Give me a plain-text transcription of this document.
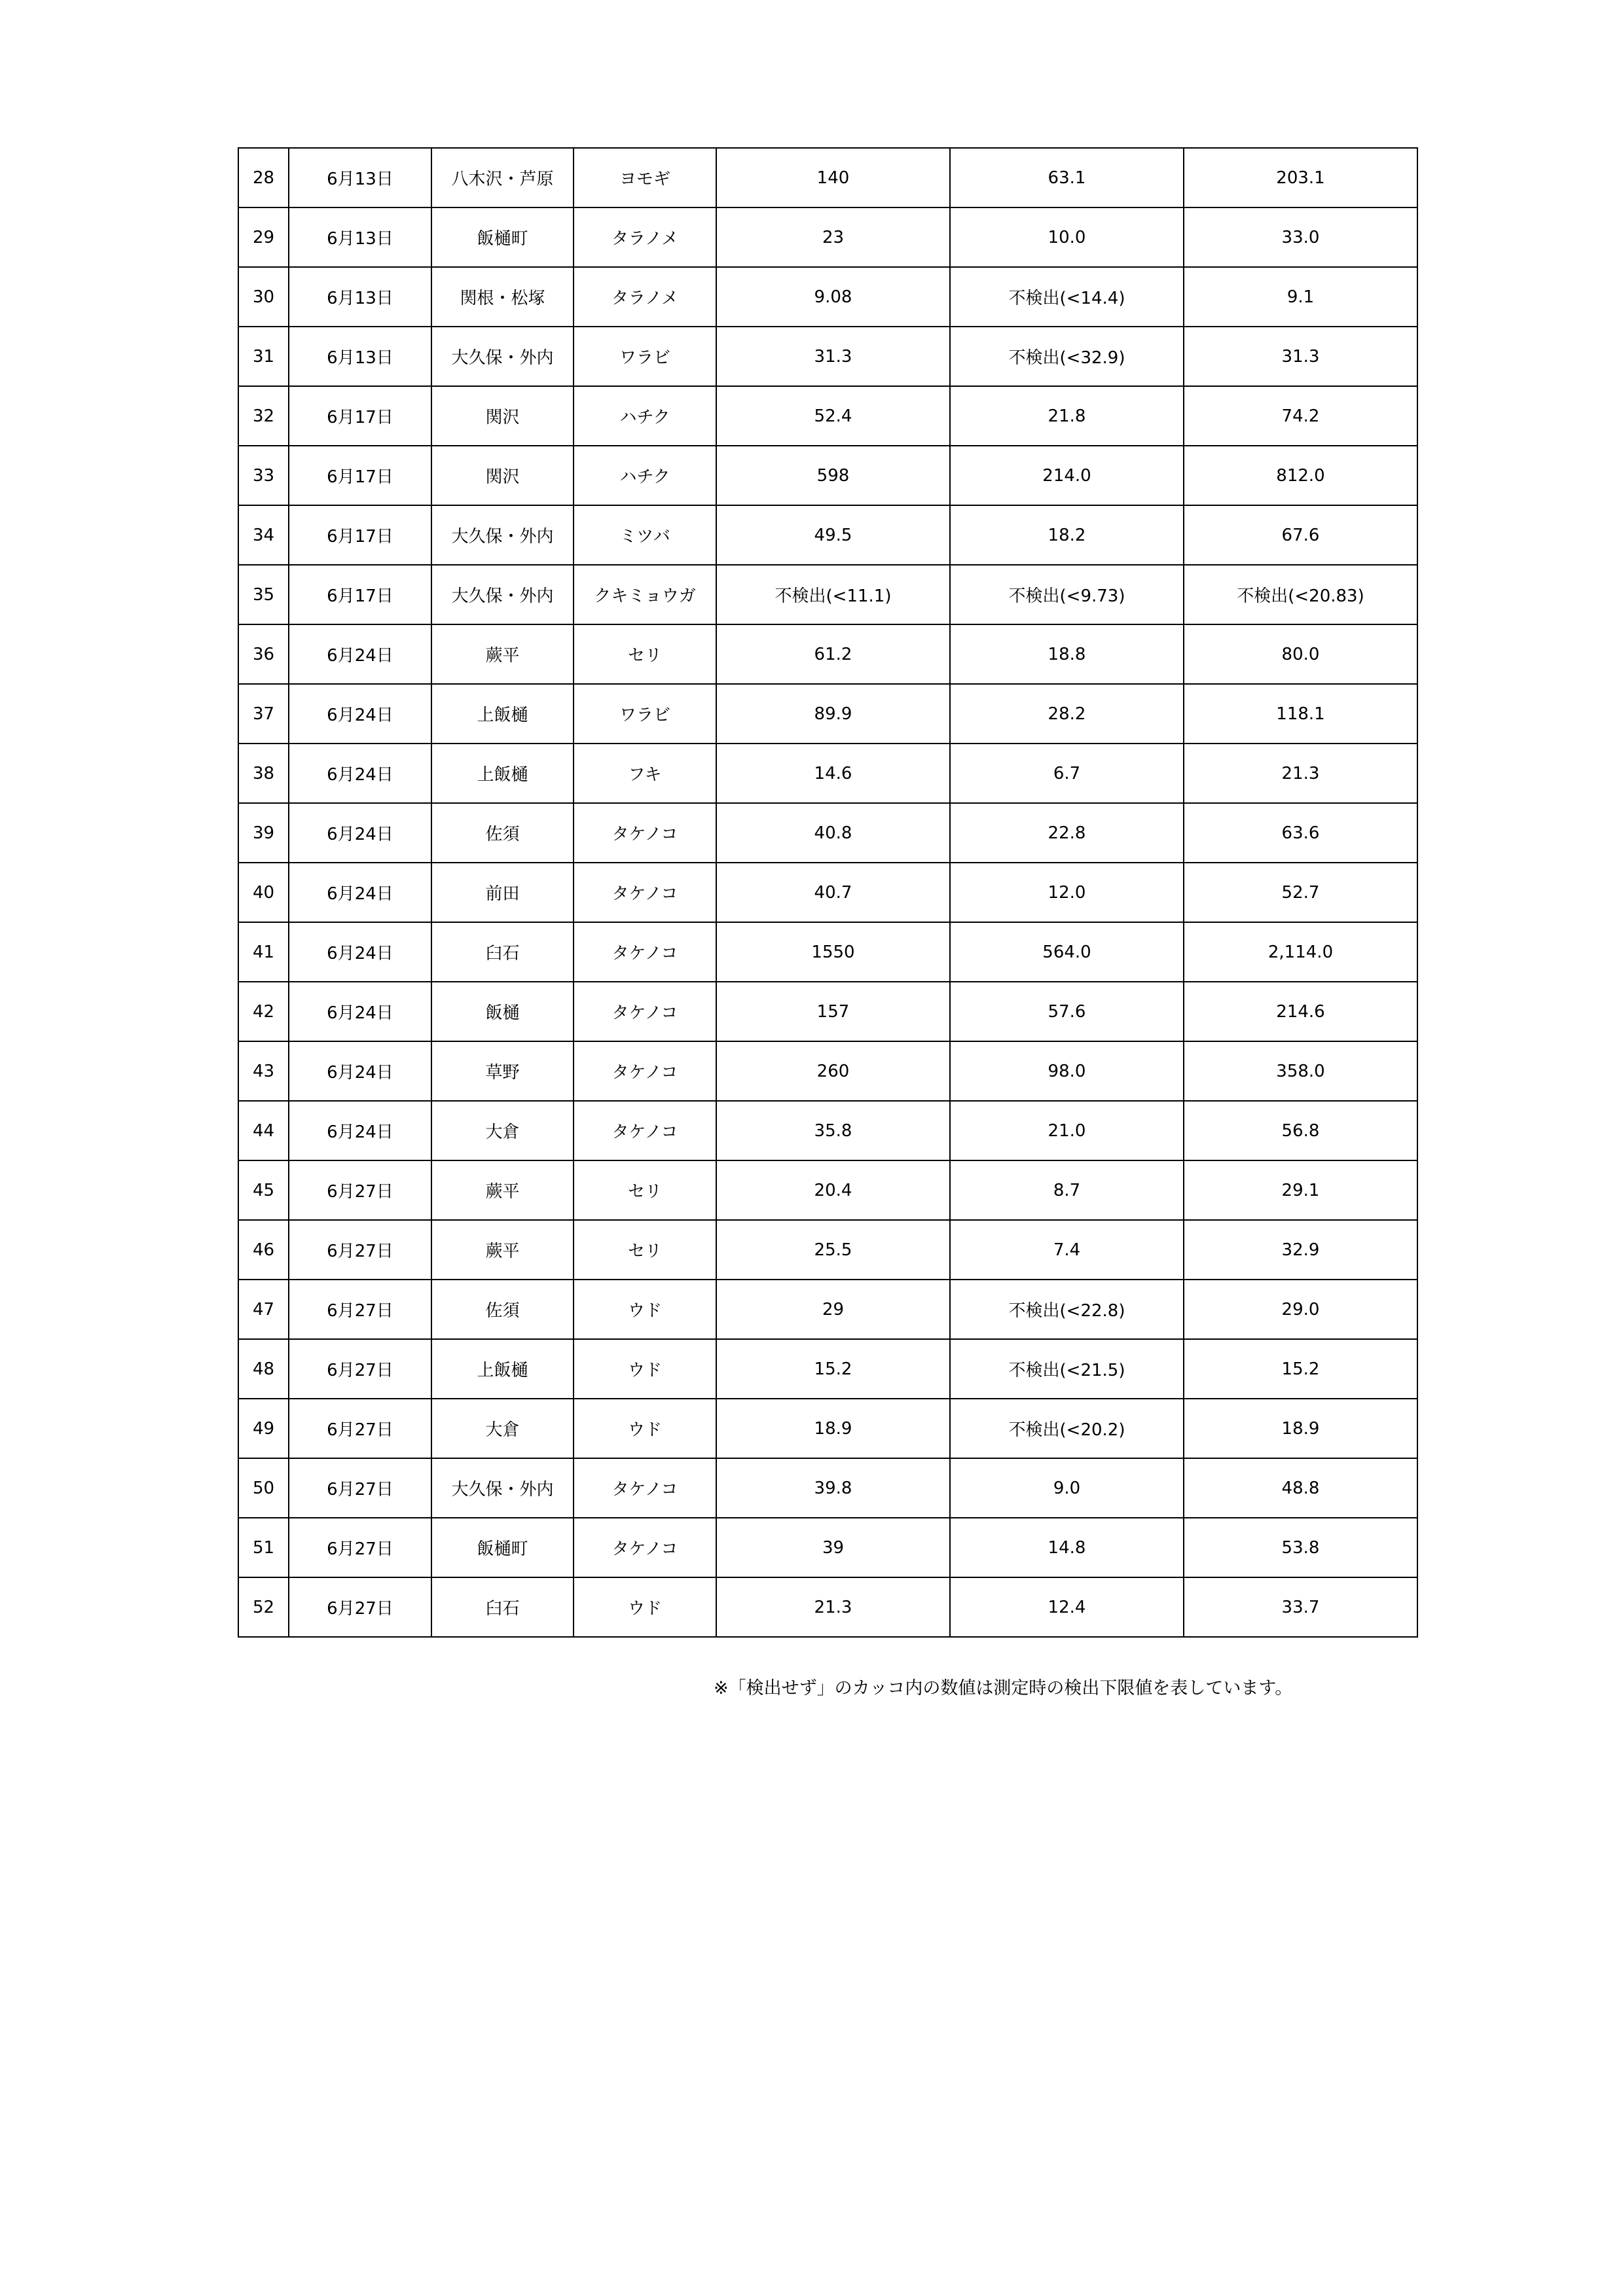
28	6月13日	八木沢・芦原	ヨモギ	140	63.1	203.1
29	6月13日	飯樋町	タラノメ	23	10.0	33.0
30	6月13日	関根・松塚	タラノメ	9.08	不検出(<14.4)	9.1
31	6月13日	大久保・外内	ワラビ	31.3	不検出(<32.9)	31.3
32	6月17日	関沢	ハチク	52.4	21.8	74.2
33	6月17日	関沢	ハチク	598	214.0	812.0
34	6月17日	大久保・外内	ミツバ	49.5	18.2	67.6
35	6月17日	大久保・外内	クキミョウガ	不検出(<11.1)	不検出(<9.73)	不検出(<20.83)
36	6月24日	蕨平	セリ	61.2	18.8	80.0
37	6月24日	上飯樋	ワラビ	89.9	28.2	118.1
38	6月24日	上飯樋	フキ	14.6	6.7	21.3
39	6月24日	佐須	タケノコ	40.8	22.8	63.6
40	6月24日	前田	タケノコ	40.7	12.0	52.7
41	6月24日	臼石	タケノコ	1550	564.0	2,114.0
42	6月24日	飯樋	タケノコ	157	57.6	214.6
43	6月24日	草野	タケノコ	260	98.0	358.0
44	6月24日	大倉	タケノコ	35.8	21.0	56.8
45	6月27日	蕨平	セリ	20.4	8.7	29.1
46	6月27日	蕨平	セリ	25.5	7.4	32.9
47	6月27日	佐須	ウド	29	不検出(<22.8)	29.0
48	6月27日	上飯樋	ウド	15.2	不検出(<21.5)	15.2
49	6月27日	大倉	ウド	18.9	不検出(<20.2)	18.9
50	6月27日	大久保・外内	タケノコ	39.8	9.0	48.8
51	6月27日	飯樋町	タケノコ	39	14.8	53.8
52	6月27日	臼石	ウド	21.3	12.4	33.7
※「検出せず」のカッコ内の数値は測定時の検出下限値を表しています。
